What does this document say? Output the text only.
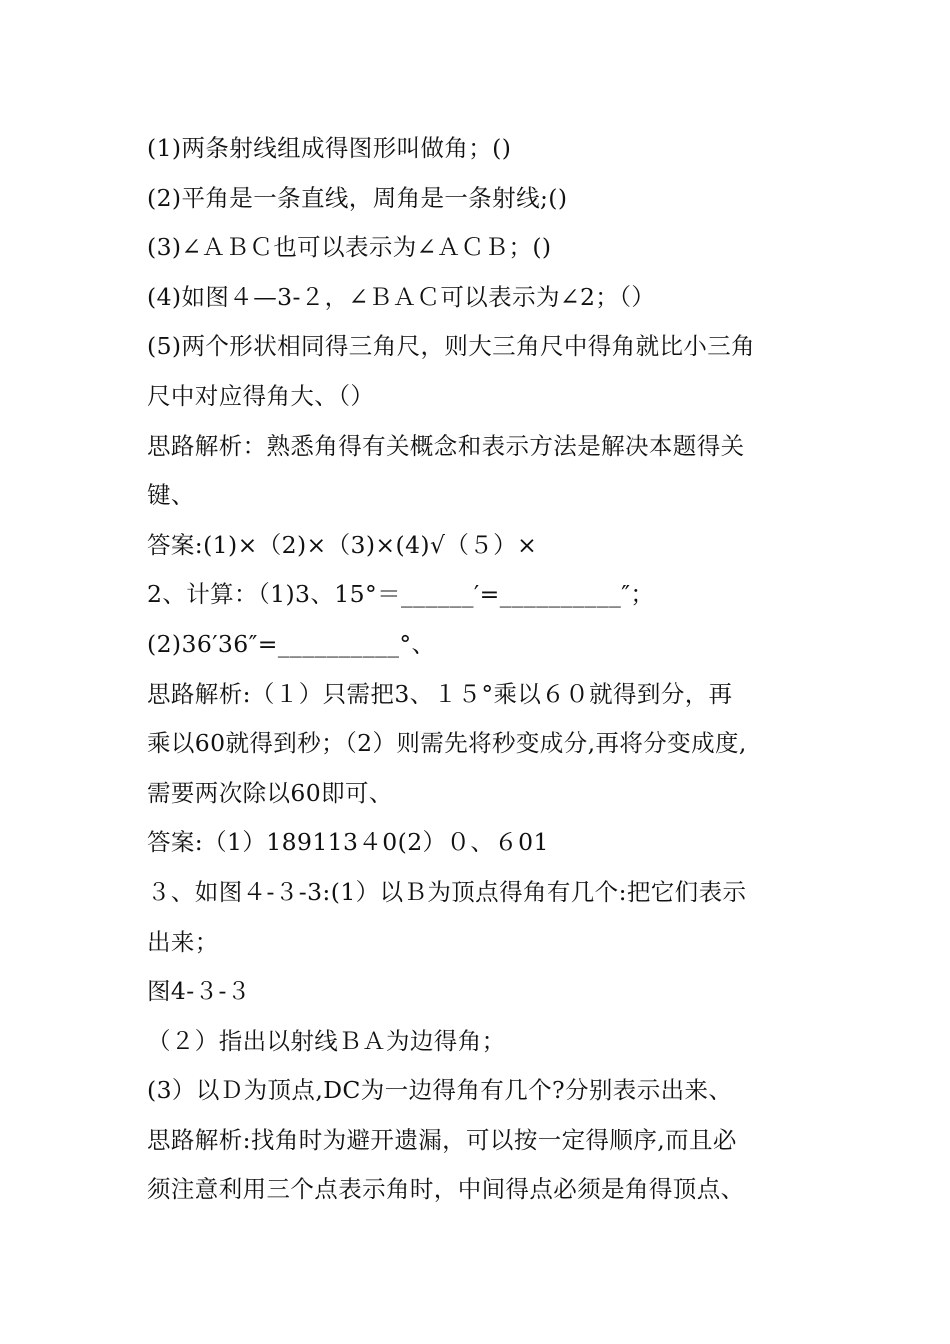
(1)两条射线组成得图形叫做角；()
(2)平角是一条直线，周角是一条射线;()
(3)∠ＡＢＣ也可以表示为∠ＡＣＢ；()
(4)如图４—3-２，∠ＢＡＣ可以表示为∠2；（）
(5)两个形状相同得三角尺，则大三角尺中得角就比小三角
尺中对应得角大、（）
思路解析：熟悉角得有关概念和表示方法是解决本题得关
键、
答案:(1)×（2)×（3)×(4)√（５）×
2、计算：（1)3、15°＝______′=__________″；
(2)36′36″=__________°、
思路解析:（１）只需把3、１５°乘以６０就得到分，再
乘以60就得到秒；（2）则需先将秒变成分,再将分变成度,
需要两次除以60即可、
答案:（1）189113４0(2）０、６01
３、如图４-３-3:(1）以Ｂ为顶点得角有几个:把它们表示
出来；
图4-３-３
（２）指出以射线ＢＡ为边得角；
(3）以Ｄ为顶点,DC为一边得角有几个?分别表示出来、
思路解析:找角时为避开遗漏，可以按一定得顺序,而且必
须注意利用三个点表示角时，中间得点必须是角得顶点、
